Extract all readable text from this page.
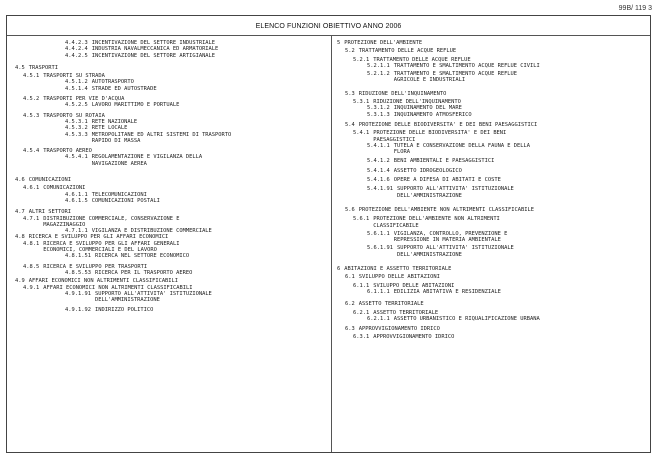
99B/ 119 3
ELENCO FUNZIONI OBIETTIVO ANNO 2006
4.4.2.3 INCENTIVAZIONE DEL SETTORE INDUSTRIALE
4.4.2.4 INDUSTRIA NAVALMECCANICA ED ARMATORIALE
4.4.2.5 INCENTIVAZIONE DEL SETTORE ARTIGIANALE
4.5 TRASPORTI
4.5.1 TRASPORTI SU STRADA
4.5.1.2 AUTOTRASPORTO
4.5.1.4 STRADE ED AUTOSTRADE
4.5.2 TRASPORTI PER VIE D'ACQUA
4.5.2.5 LAVORO MARITTIMO E PORTUALE
4.5.3 TRASPORTO SU ROTAIA
4.5.3.1 RETE NAZIONALE
4.5.3.2 RETE LOCALE
4.5.3.3 METROPOLITANE ED ALTRI SISTEMI DI TRASPORTO
RAPIDO DI MASSA
4.5.4 TRASPORTO AEREO
4.5.4.1 REGOLAMENTAZIONE E VIGILANZA DELLA
NAVIGAZIONE AEREA
4.6 COMUNICAZIONI
4.6.1 COMUNICAZIONI
4.6.1.1 TELECOMUNICAZIONI
4.6.1.5 COMUNICAZIONI POSTALI
4.7 ALTRI SETTORI
4.7.1 DISTRIBUZIONE COMMERCIALE, CONSERVAZIONE E
MAGAZZINAGGIO
4.7.1.1 VIGILANZA E DISTRIBUZIONE COMMERCIALE
4.8 RICERCA E SVILUPPO PER GLI AFFARI ECONOMICI
4.8.1 RICERCA E SVILUPPO PER GLI AFFARI GENERALI
ECONOMICI, COMMERCIALI E DEL LAVORO
4.8.1.51 RICERCA NEL SETTORE ECONOMICO
4.8.5 RICERCA E SVILUPPO PER TRASPORTI
4.8.5.53 RICERCA PER IL TRASPORTO AEREO
4.9 AFFARI ECONOMICI NON ALTRIMENTI CLASSIFICABILI
4.9.1 AFFARI ECONOMICI NON ALTRIMENTI CLASSIFICABILI
4.9.1.91 SUPPORTO ALL'ATTIVITA' ISTITUZIONALE
DELL'AMMINISTRAZIONE
4.9.1.92 INDIRIZZO POLITICO
5 PROTEZIONE DELL'AMBIENTE
5.2 TRATTAMENTO DELLE ACQUE REFLUE
5.2.1 TRATTAMENTO DELLE ACQUE REFLUE
5.2.1.1 TRATTAMENTO E SMALTIMENTO ACQUE REFLUE CIVILI
5.2.1.2 TRATTAMENTO E SMALTIMENTO ACQUE REFLUE
AGRICOLE E INDUSTRIALI
5.3 RIDUZIONE DELL'INQUINAMENTO
5.3.1 RIDUZIONE DELL'INQUINAMENTO
5.3.1.2 INQUINAMENTO DEL MARE
5.3.1.3 INQUINAMENTO ATMOSFERICO
5.4 PROTEZIONE DELLE BIODIVERSITA' E DEI BENI PAESAGGISTICI
5.4.1 PROTEZIONE DELLE BIODIVERSITA' E DEI BENI
PAESAGGISTICI
5.4.1.1 TUTELA E CONSERVAZIONE DELLA FAUNA E DELLA
FLORA
5.4.1.2 BENI AMBIENTALI E PAESAGGISTICI
5.4.1.4 ASSETTO IDROGEOLOGICO
5.4.1.6 OPERE A DIFESA DI ABITATI E COSTE
5.4.1.91 SUPPORTO ALL'ATTIVITA' ISTITUZIONALE
DELL'AMMINISTRAZIONE
5.6 PROTEZIONE DELL'AMBIENTE NON ALTRIMENTI CLASSIFICABILE
5.6.1 PROTEZIONE DELL'AMBIENTE NON ALTRIMENTI
CLASSIFICABILE
5.6.1.1 VIGILANZA, CONTROLLO, PREVENZIONE E
REPRESSIONE IN MATERIA AMBIENTALE
5.6.1.91 SUPPORTO ALL'ATTIVITA' ISTITUZIONALE
DELL'AMMINISTRAZIONE
6 ABITAZIONI E ASSETTO TERRITORIALE
6.1 SVILUPPO DELLE ABITAZIONI
6.1.1 SVILUPPO DELLE ABITAZIONI
6.1.1.1 EDILIZIA ABITATIVA E RESIDENZIALE
6.2 ASSETTO TERRITORIALE
6.2.1 ASSETTO TERRITORIALE
6.2.1.1 ASSETTO URBANISTICO E RIQUALIFICAZIONE URBANA
6.3 APPROVVIGIONAMENTO IDRICO
6.3.1 APPROVVIGIONAMENTO IDRICO
